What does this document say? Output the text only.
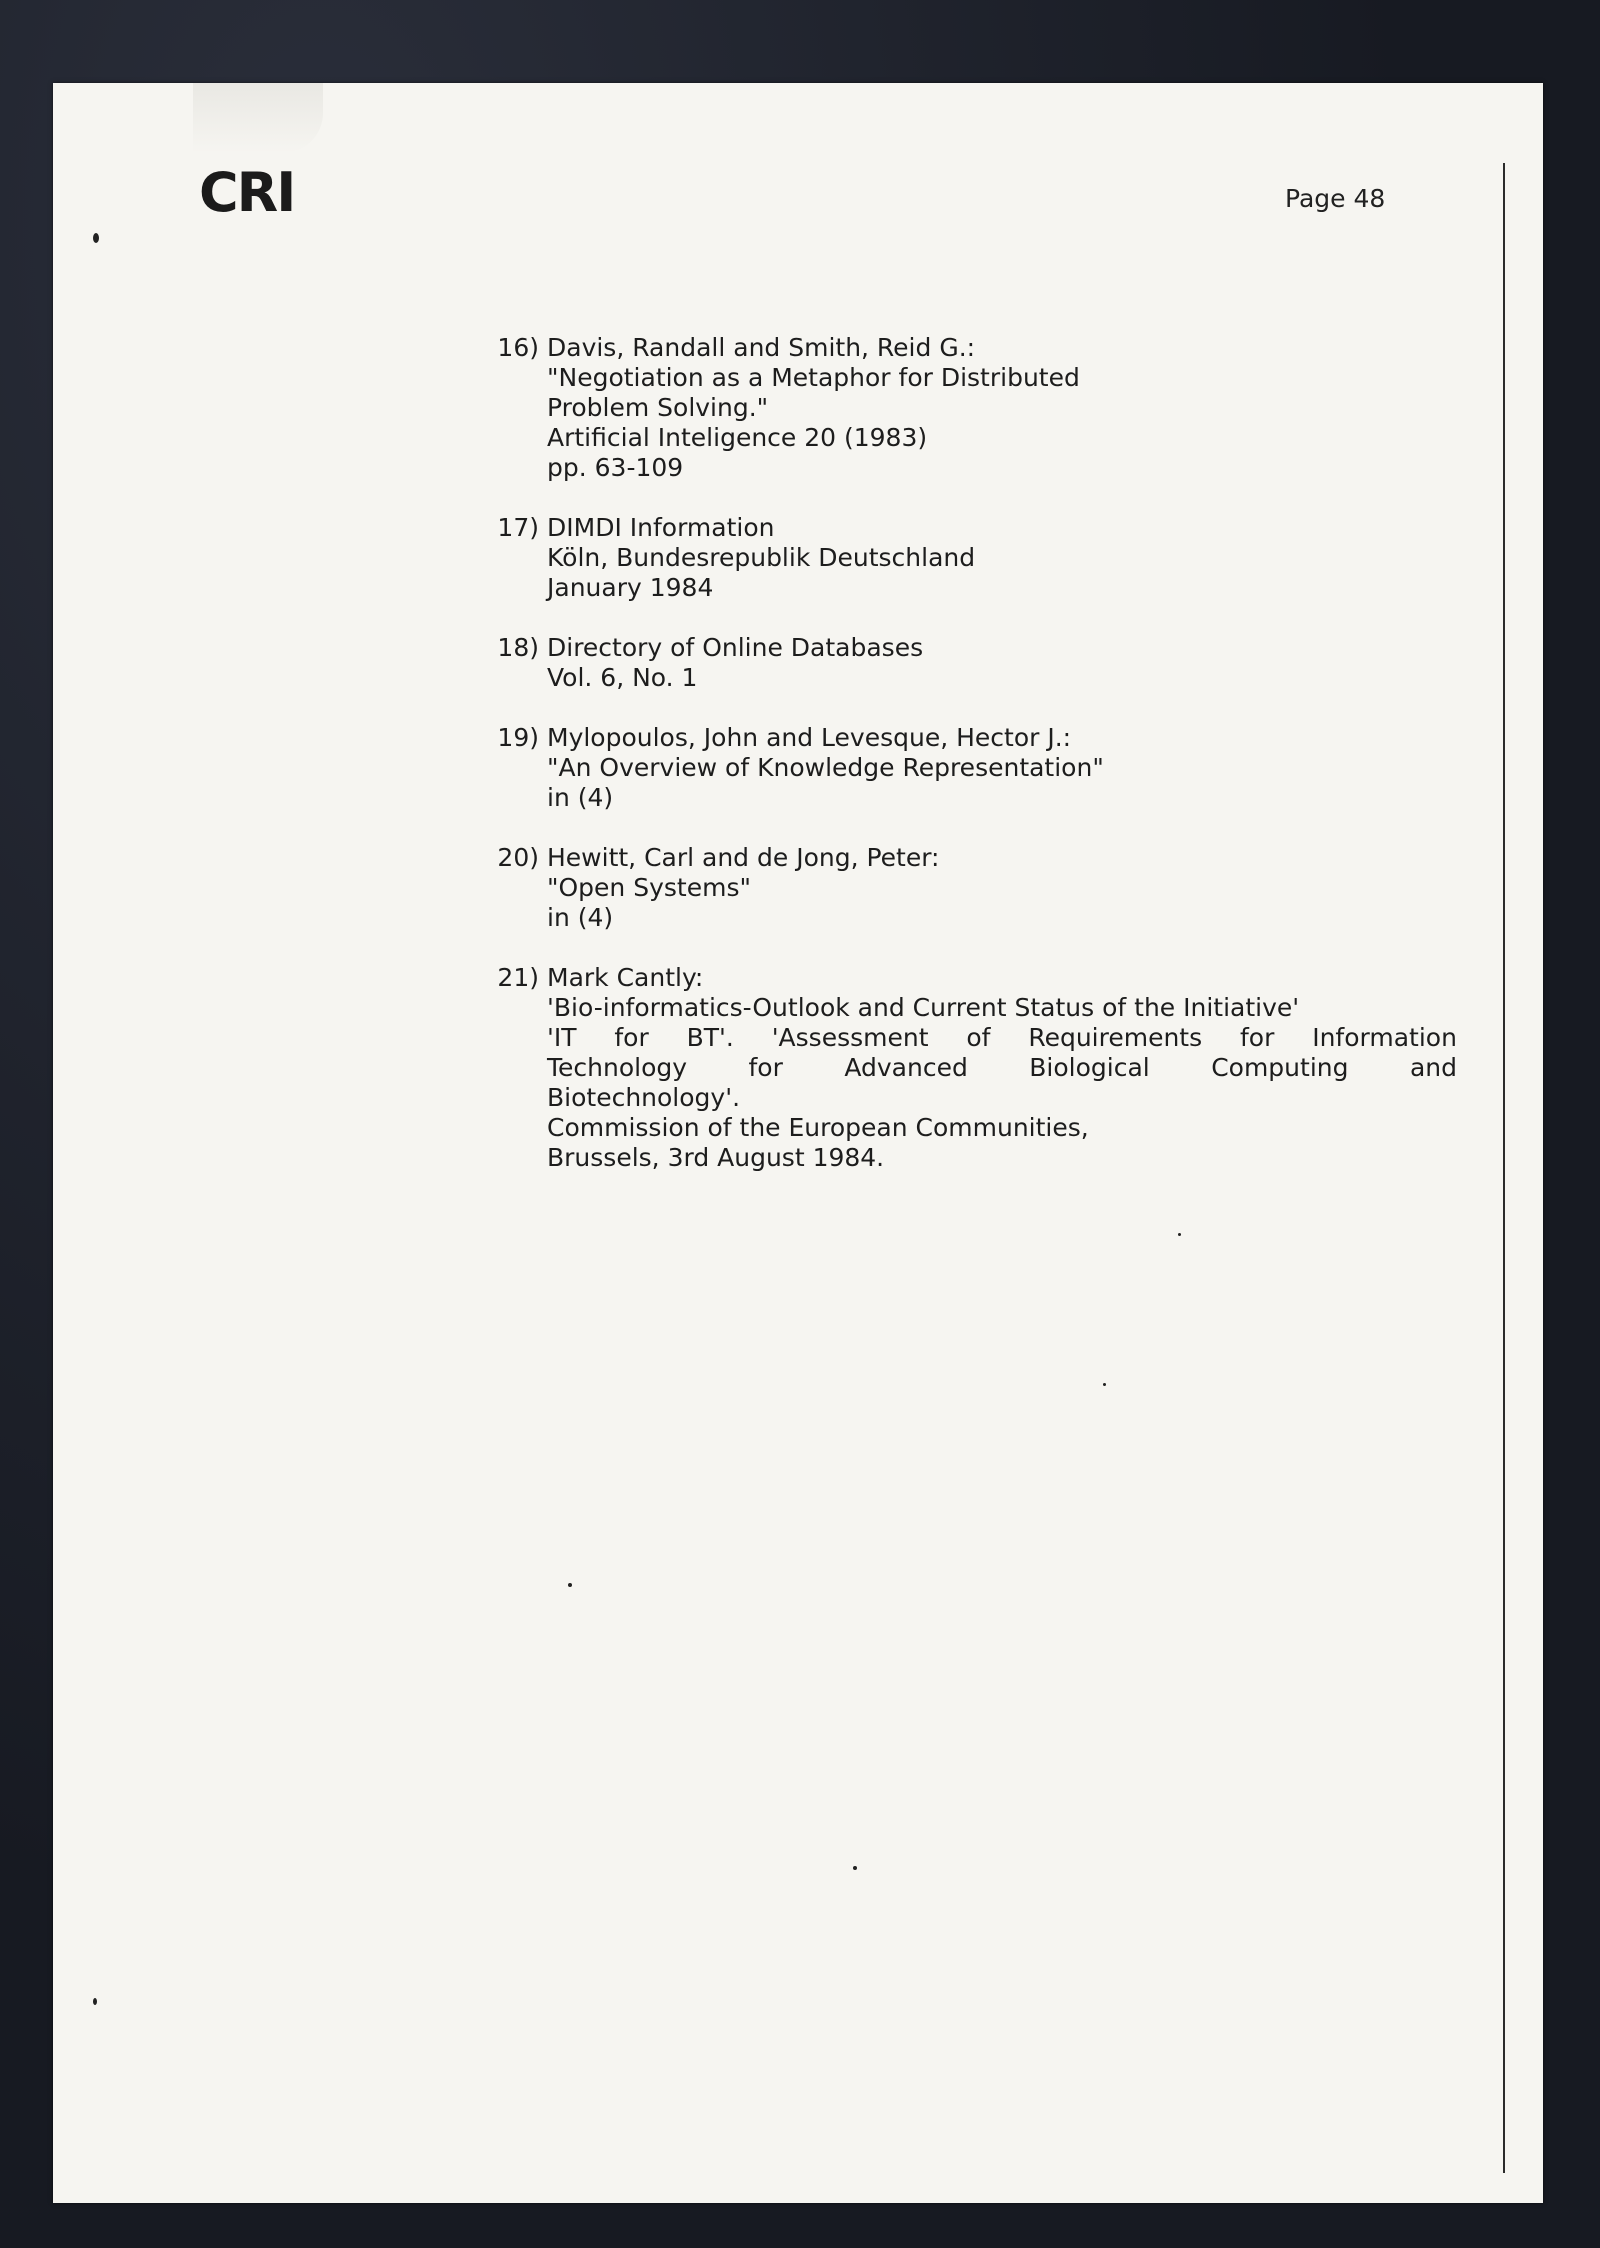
CRI	Page 48
16) Davis, Randall and Smith, Reid G.:
"Negotiation as a Metaphor for Distributed
Problem Solving."
Artificial Inteligence 20 (1983)
pp. 63-109
17) DIMDI Information
Köln, Bundesrepublik Deutschland
January 1984
18) Directory of Online Databases
Vol. 6, No. 1
19) Mylopoulos, John and Levesque, Hector J.:
"An Overview of Knowledge Representation"
in (4)
20) Hewitt, Carl and de Jong, Peter:
"Open Systems"
in (4)
21) Mark Cantly:
'Bio-informatics-Outlook and Current Status of the Initiative'
'IT for BT'. 'Assessment of Requirements for Information
Technology for Advanced Biological Computing and
Biotechnology'.
Commission of the European Communities,
Brussels, 3rd August 1984.
